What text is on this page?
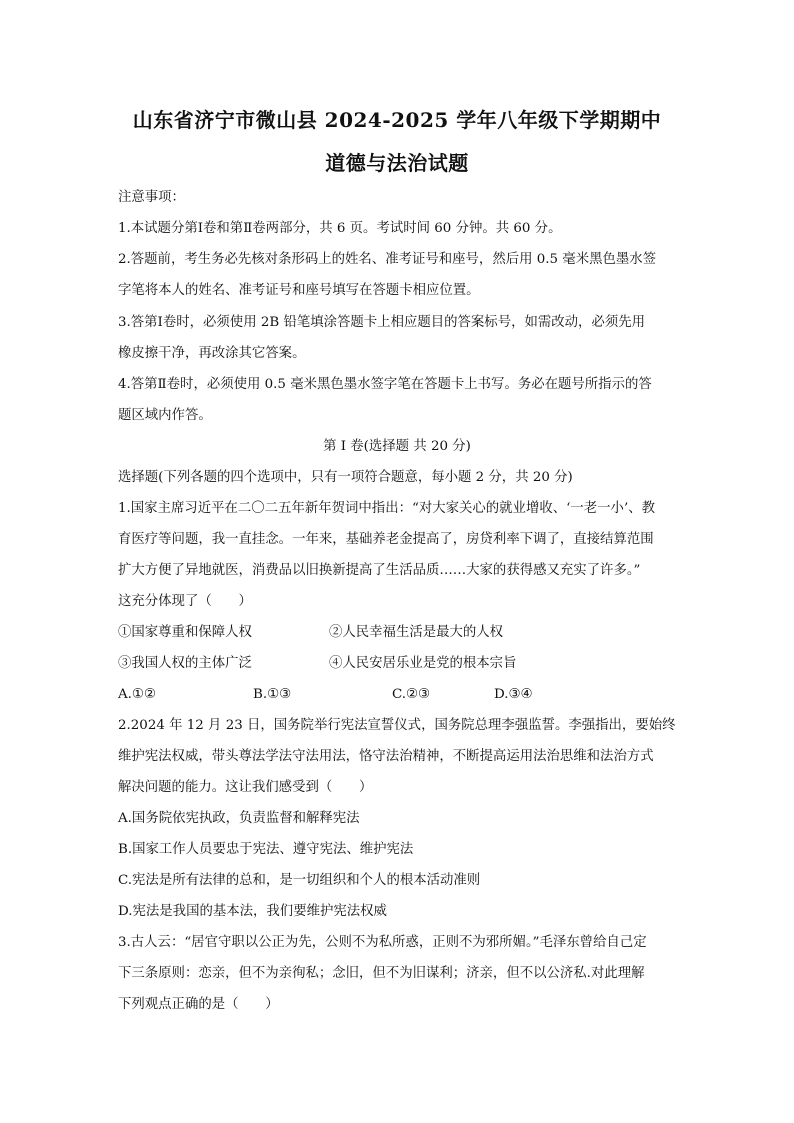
山东省济宁市微山县 2024-2025 学年八年级下学期期中
道德与法治试题
注意事项：
1.本试题分第Ⅰ卷和第Ⅱ卷两部分，共 6 页。考试时间 60 分钟。共 60 分。
2.答题前，考生务必先核对条形码上的姓名、准考证号和座号，然后用 0.5 毫米黑色墨水签
字笔将本人的姓名、准考证号和座号填写在答题卡相应位置。
3.答第Ⅰ卷时，必须使用 2B 铅笔填涂答题卡上相应题目的答案标号，如需改动，必须先用
橡皮擦干净，再改涂其它答案。
4.答第Ⅱ卷时，必须使用 0.5 毫米黑色墨水签字笔在答题卡上书写。务必在题号所指示的答
题区域内作答。
第 I 卷(选择题 共 20 分)
选择题(下列各题的四个选项中，只有一项符合题意，每小题 2 分，共 20 分)
1.国家主席习近平在二〇二五年新年贺词中指出：“对大家关心的就业增收、‘一老一小’、教
育医疗等问题，我一直挂念。一年来，基础养老金提高了，房贷利率下调了，直接结算范围
扩大方便了异地就医，消费品以旧换新提高了生活品质……大家的获得感又充实了许多。”
这充分体现了（　　）
①国家尊重和保障人权	②人民幸福生活是最大的人权
③我国人权的主体广泛	④人民安居乐业是党的根本宗旨
A.①②	B.①③	C.②③	D.③④
2.2024 年 12 月 23 日，国务院举行宪法宣誓仪式，国务院总理李强监誓。李强指出，要始终
维护宪法权威，带头尊法学法守法用法，恪守法治精神，不断提高运用法治思维和法治方式
解决问题的能力。这让我们感受到（　　）
A.国务院依宪执政，负责监督和解释宪法
B.国家工作人员要忠于宪法、遵守宪法、维护宪法
C.宪法是所有法律的总和，是一切组织和个人的根本活动准则
D.宪法是我国的基本法，我们要维护宪法权威
3.古人云：“居官守职以公正为先，公则不为私所惑，正则不为邪所媚。”毛泽东曾给自己定
下三条原则：恋亲，但不为亲徇私；念旧，但不为旧谋利；济亲，但不以公济私.对此理解
下列观点正确的是（　　）
